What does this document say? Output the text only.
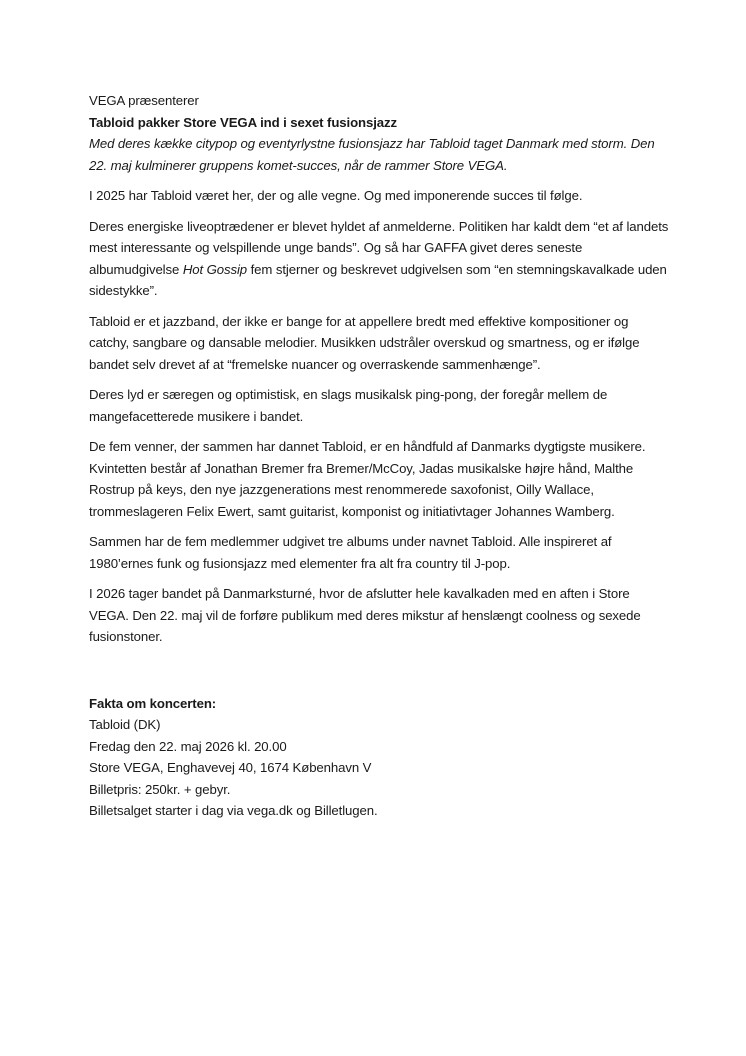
VEGA præsenterer

Tabloid pakker Store VEGA ind i sexet fusionsjazz

Med deres kække citypop og eventyrlystne fusionsjazz har Tabloid taget Danmark med storm. Den 22. maj kulminerer gruppens komet-succes, når de rammer Store VEGA.

I 2025 har Tabloid været her, der og alle vegne. Og med imponerende succes til følge.

Deres energiske liveoptrædener er blevet hyldet af anmelderne. Politiken har kaldt dem “et af landets mest interessante og velspillende unge bands”. Og så har GAFFA givet deres seneste albumudgivelse Hot Gossip fem stjerner og beskrevet udgivelsen som “en stemningskavalkade uden sidestykke”.

Tabloid er et jazzband, der ikke er bange for at appellere bredt med effektive kompositioner og catchy, sangbare og dansable melodier. Musikken udstråler overskud og smartness, og er ifølge bandet selv drevet af at “fremelske nuancer og overraskende sammenhænge”.

Deres lyd er særegen og optimistisk, en slags musikalsk ping-pong, der foregår mellem de mangefacetterede musikere i bandet.

De fem venner, der sammen har dannet Tabloid, er en håndfuld af Danmarks dygtigste musikere. Kvintetten består af Jonathan Bremer fra Bremer/McCoy, Jadas musikalske højre hånd, Malthe Rostrup på keys, den nye jazzgenerations mest renommerede saxofonist, Oilly Wallace, trommeslageren Felix Ewert, samt guitarist, komponist og initiativtager Johannes Wamberg.

Sammen har de fem medlemmer udgivet tre albums under navnet Tabloid. Alle inspireret af 1980’ernes funk og fusionsjazz med elementer fra alt fra country til J-pop.

I 2026 tager bandet på Danmarksturné, hvor de afslutter hele kavalkaden med en aften i Store VEGA. Den 22. maj vil de forføre publikum med deres mikstur af henslængt coolness og sexede fusionstoner.

Fakta om koncerten:

Tabloid (DK)

Fredag den 22. maj 2026 kl. 20.00

Store VEGA, Enghavevej 40, 1674 København V

Billetpris: 250kr. + gebyr.

Billetsalget starter i dag via vega.dk og Billetlugen.
